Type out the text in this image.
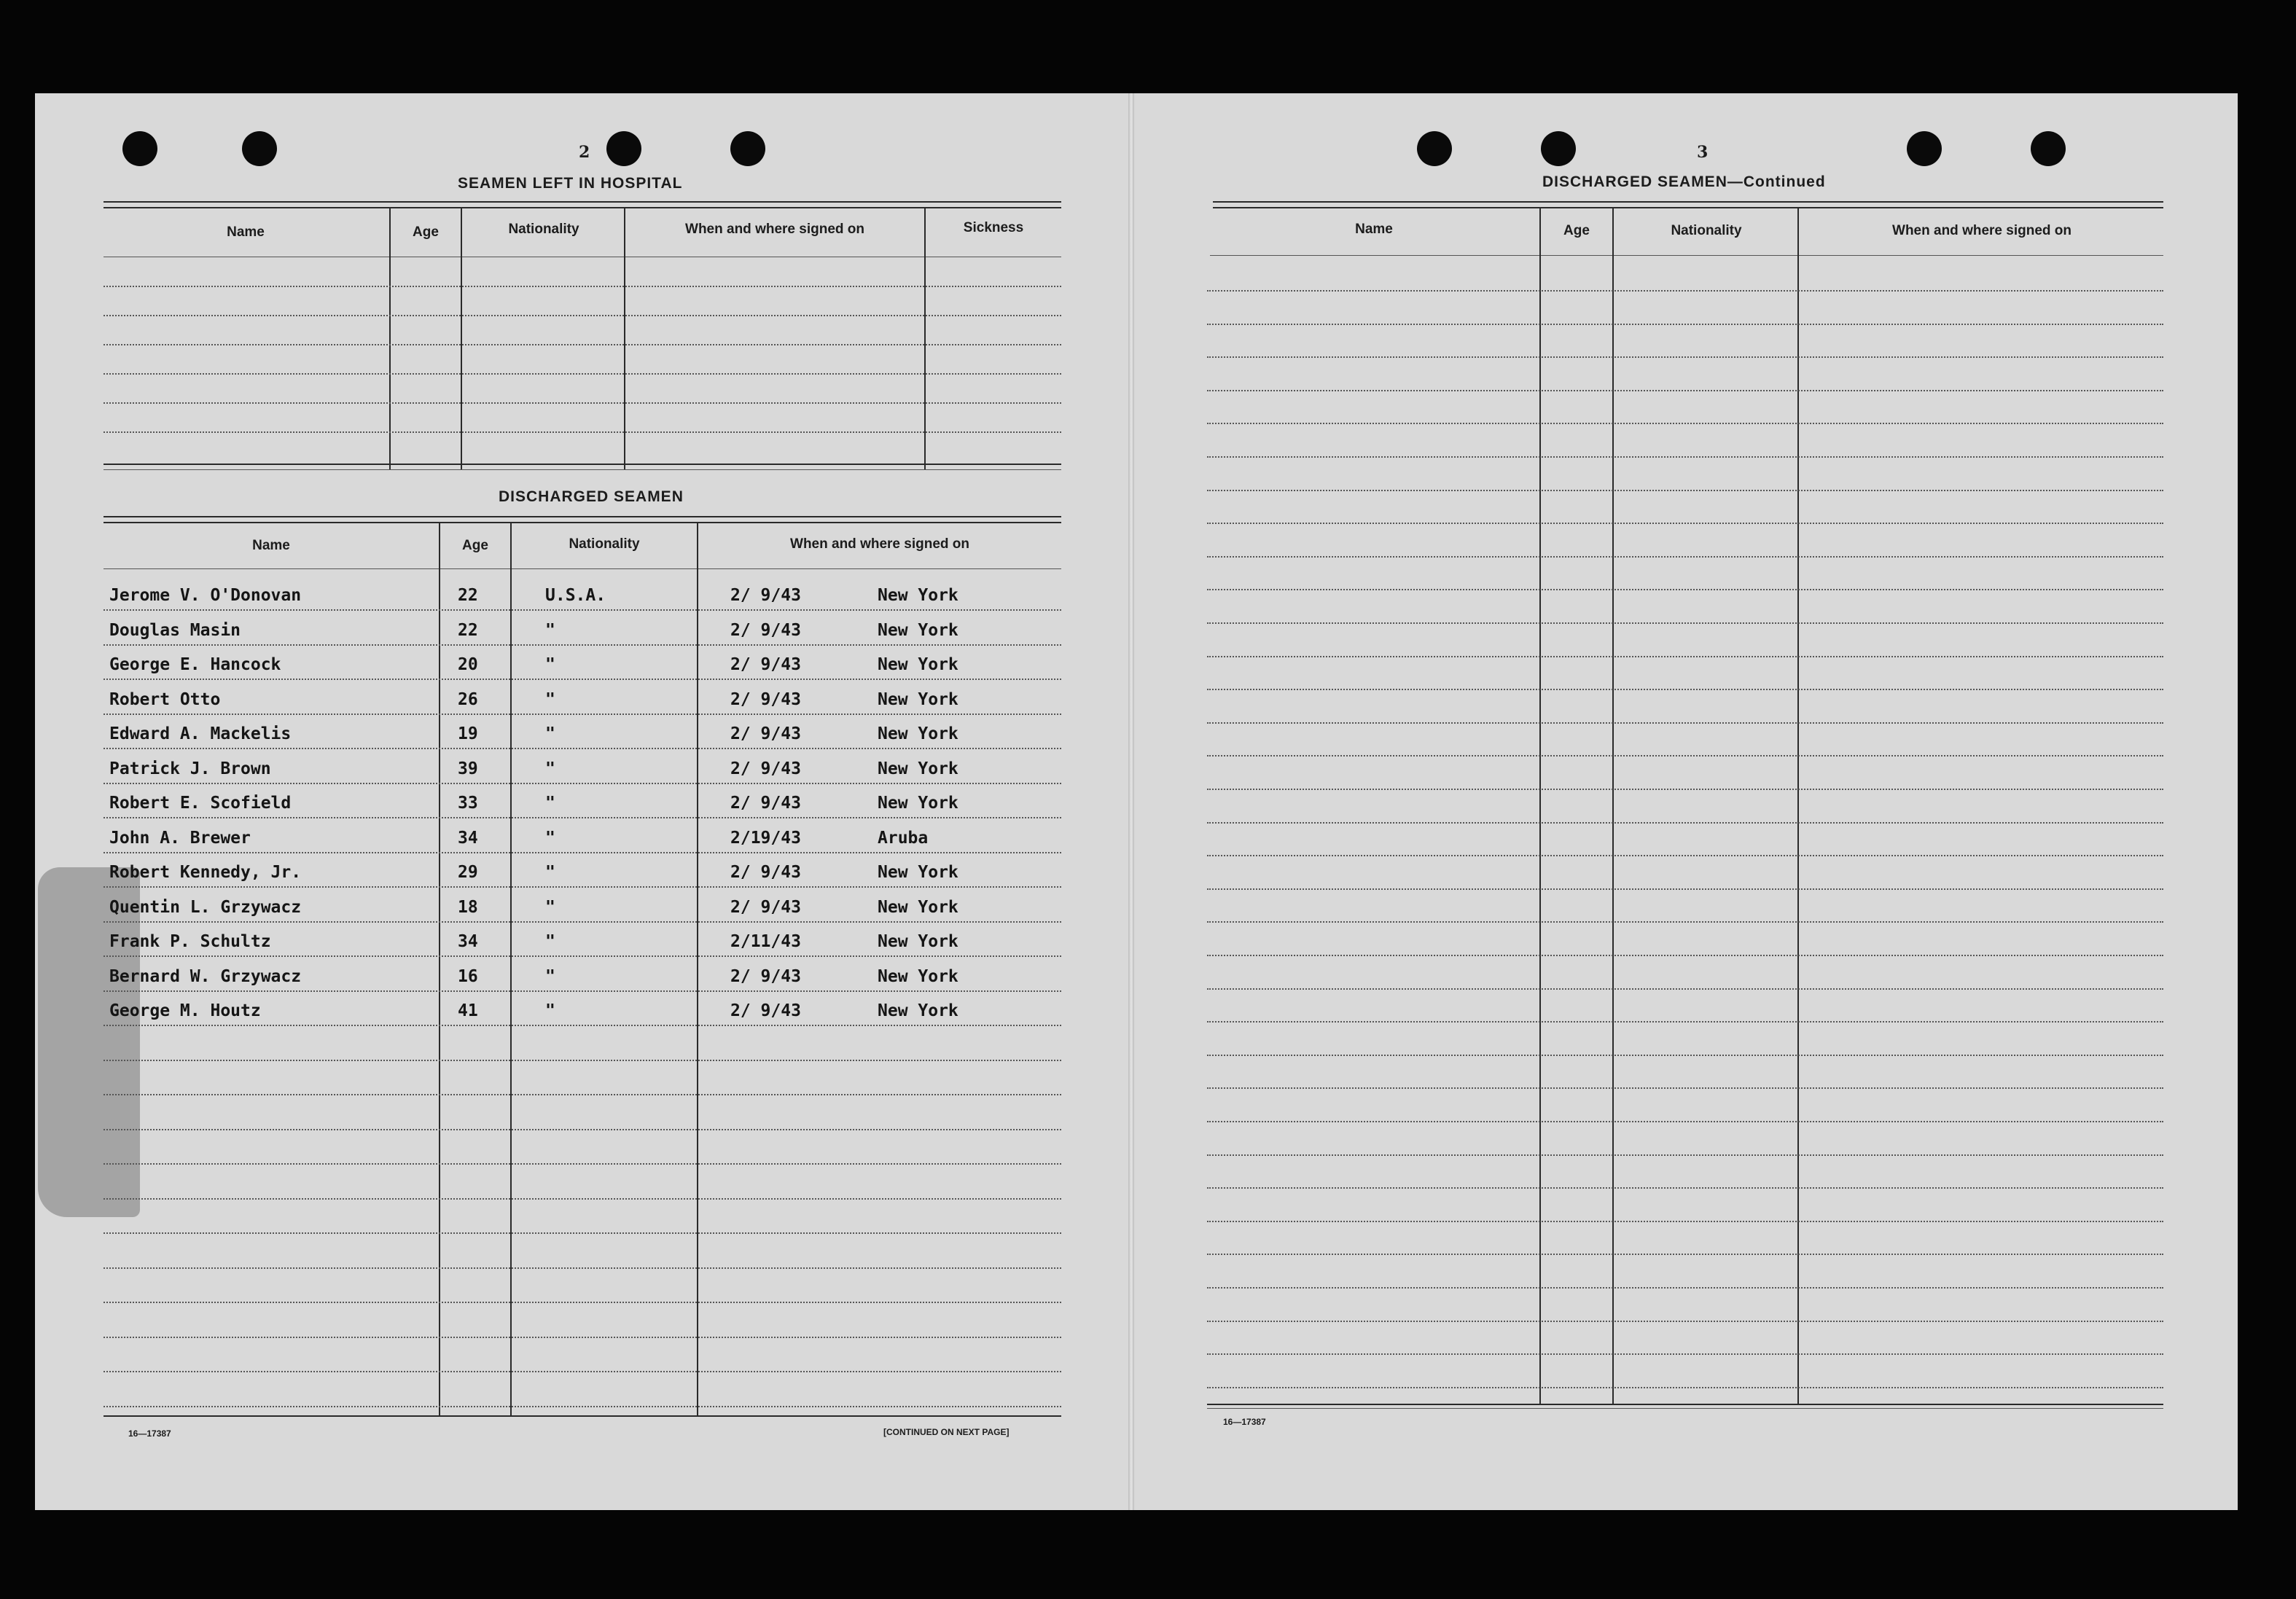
2
SEAMEN LEFT IN HOSPITAL
Name	Age	Nationality	When and where signed on	Sickness
DISCHARGED SEAMEN
Name	Age	Nationality	When and where signed on
Jerome V. O'Donovan	22	U.S.A.	2/ 9/43	New York
Douglas Masin	22	"	2/ 9/43	New York
George E. Hancock	20	"	2/ 9/43	New York
Robert Otto	26	"	2/ 9/43	New York
Edward A. Mackelis	19	"	2/ 9/43	New York
Patrick J. Brown	39	"	2/ 9/43	New York
Robert E. Scofield	33	"	2/ 9/43	New York
John A. Brewer	34	"	2/19/43	Aruba
Robert Kennedy, Jr.	29	"	2/ 9/43	New York
Quentin L. Grzywacz	18	"	2/ 9/43	New York
Frank P. Schultz	34	"	2/11/43	New York
Bernard W. Grzywacz	16	"	2/ 9/43	New York
George M. Houtz	41	"	2/ 9/43	New York
16—17387	[CONTINUED ON NEXT PAGE]
3
DISCHARGED SEAMEN—Continued
Name	Age	Nationality	When and where signed on
16—17387
